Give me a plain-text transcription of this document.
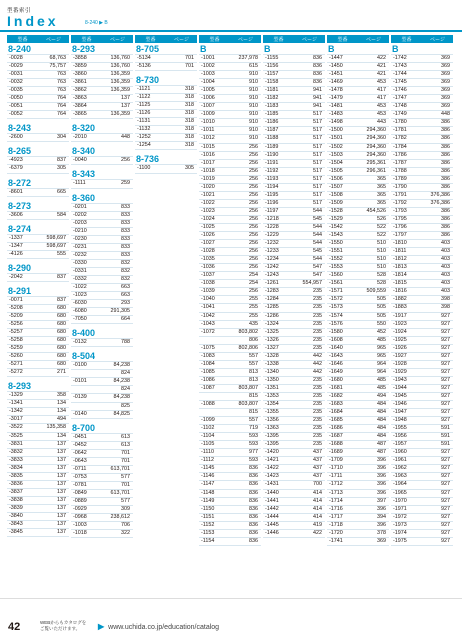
型番索引
Index	8-240 ▶ B
型番	ページ
8-240
-0028	68,763
-0029	75,757
-0031	763
-0032	763
-0035	763
-0050	764
-0051	764
-0052	764
8-243
-2600	304
8-265
-4923	837
-6379	305
8-272
-8601	665
8-273
-3606	584
8-274
-1337	598,697
-1347	598,697
-4126	555
8-290
-2042	837
8-291
-0071	837
-5208	680
-5209	680
-5256	680
-5257	680
-5258	680
-5259	680
-5260	680
-5271	680
-5272	271
8-293
-1329	358
-1341	134
-1342	134
-3017	494
-3522	135,358
-3525	134
-3831	137
-3832	137
-3833	137
-3834	137
-3835	137
-3836	137
-3837	137
-3838	137
-3839	137
-3840	137
-3843	137
-3845	137
型番	ページ
8-293
-3858	136,760
-3859	136,760
-3860	136,359
-3861	136,359
-3862	136,359
-3863	137
-3864	137
-3865	136,359
8-320
-2010	448
8-340
-0040	256
8-343
-1111	259
8-360
-0201	833
-0202	833
-0203	833
-0210	833
-0230	833
-0231	833
-0232	833
-0330	832
-0331	832
-0332	832
-1022	663
-1023	663
-6030	293
-6080	291,305
-7050	664
8-400
-0132	788
8-504
-0100	84,238
824
-0101	84,238
824
-0139	84,238
825
-0140	84,825
8-700
-0451	613
-0452	613
-0642	701
-0643	701
-0711	613,701
-0753	577
-0781	701
-0849	613,701
-0889	577
-0929	309
-0968	238,612
-1003	706
-1018	322
型番	ページ
8-705
-5134	701
-5136	701
8-730
-1121	318
-1122	318
-1125	318
-1126	318
-1131	318
-1132	318
-1252	318
-1254	318
8-736
-1100	305
型番	ページ
B
-1001	237,978
-1002	615
-1003	910
-1004	910
-1005	910
-1006	910
-1007	910
-1009	910
-1010	910
-1011	910
-1012	910
-1015	256
-1016	256
-1017	256
-1018	256
-1019	256
-1020	256
-1021	256
-1022	256
-1023	256
-1024	256
-1025	256
-1026	256
-1027	256
-1028	256
-1035	256
-1036	256
-1037	254
-1038	254
-1039	256
-1040	255
-1041	255
-1042	255
-1043	435
-1072	803,802
806
-1075	802,806
-1083	557
-1084	557
-1085	813
-1086	813
-1087	803,807
815
-1088	803,807
815
-1099	557
-1102	719
-1104	593
-1105	593
-1110	977
-1112	593
-1145	836
-1146	836
-1147	836
-1148	836
-1149	836
-1150	836
-1151	836
-1152	836
-1153	836
-1154	836
型番	ページ
B
-1155	836
-1156	836
-1157	836
-1158	836
-1181	941
-1182	941
-1183	941
-1185	517
-1186	517
-1187	517
-1188	517
-1189	517
-1190	517
-1191	517
-1192	517
-1193	517
-1194	517
-1195	517
-1196	517
-1197	544
-1218	545
-1228	544
-1229	544
-1232	544
-1233	545
-1234	544
-1242	547
-1243	547
-1261	554,957
-1283	235
-1284	235
-1285	235
-1286	235
-1324	235
-1325	235
-1326	235
-1327	235
-1328	442
-1338	442
-1340	442
-1350	235
-1351	235
-1353	235
-1354	235
-1355	235
-1356	235
-1363	235
-1395	235
-1395	235
-1420	437
-1421	437
-1422	437
-1423	437
-1431	700
-1440	414
-1441	414
-1442	414
-1444	414
-1445	419
-1446	422
型番	ページ
B
-1447	422
-1450	421
-1451	421
-1469	453
-1478	417
-1479	417
-1481	453
-1483	453
-1498	443
-1500	294,360
-1501	294,360
-1502	294,360
-1503	294,360
-1504	295,361
-1505	296,361
-1506	365
-1507	365
-1508	365
-1509	365
-1528	454,526
-1529	526
-1542	522
-1543	522
-1550	510
-1551	510
-1552	510
-1553	510
-1560	528
-1561	528
-1571	509,559
-1572	505
-1573	505
-1574	505
-1576	550
-1580	452
-1608	485
-1640	965
-1643	965
-1646	964
-1649	964
-1680	485
-1681	485
-1682	494
-1683	484
-1684	484
-1685	484
-1686	484
-1687	484
-1688	487
-1689	487
-1709	396
-1710	396
-1711	396
-1712	396
-1713	396
-1714	397
-1716	396
-1717	394
-1718	396
-1720	378
-1741	369
型番	ページ
B
-1742	369
-1743	369
-1744	369
-1745	369
-1746	369
-1747	369
-1748	369
-1749	448
-1780	386
-1781	386
-1782	386
-1784	386
-1786	386
-1787	386
-1788	386
-1789	386
-1790	386
-1791	376,386
-1792	376,386
-1793	386
-1795	386
-1796	386
-1797	386
-1810	403
-1811	403
-1812	403
-1813	403
-1814	403
-1815	403
-1816	403
-1882	398
-1883	398
-1917	927
-1923	927
-1924	927
-1925	927
-1926	927
-1927	927
-1928	927
-1929	927
-1943	927
-1944	927
-1945	927
-1946	927
-1947	927
-1948	927
-1955	591
-1956	591
-1957	591
-1960	927
-1961	927
-1962	927
-1963	927
-1964	927
-1965	927
-1970	927
-1971	927
-1972	927
-1973	927
-1974	927
-1975	927
42	WEBからもカタログを
ご覧いただけます。	▶ www.uchida.co.jp/education/catalog
